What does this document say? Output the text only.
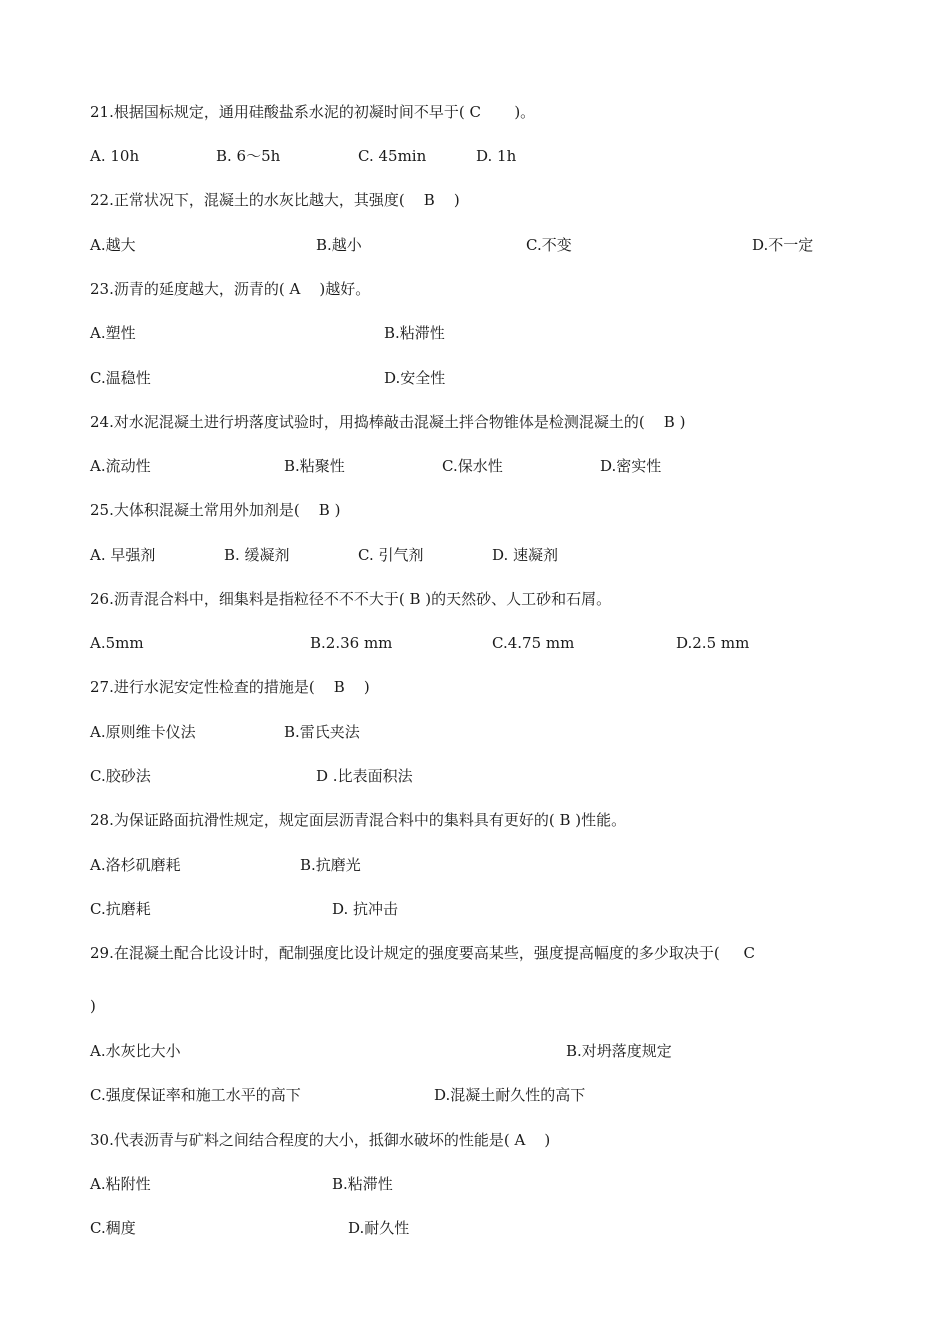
21.根据国标规定，通用硅酸盐系水泥的初凝时间不早于( C       )。

A. 10h

	B. 6～5h

	C. 45min

	D. 1h

22.正常状况下，混凝土的水灰比越大，其强度(    B    )

A.越大

	B.越小

	C.不变

	D.不一定

23.沥青的延度越大，沥青的( A    )越好。

A.塑性

	B.粘滞性

C.温稳性

	D.安全性

24.对水泥混凝土进行坍落度试验时，用捣棒敲击混凝土拌合物锥体是检测混凝土的(    B )

A.流动性

	B.粘聚性

	C.保水性

	D.密实性

25.大体积混凝土常用外加剂是(    B )

A. 早强剂

	B. 缓凝剂

	C. 引气剂

	D. 速凝剂

26.沥青混合料中，细集料是指粒径不不不大于( B )的天然砂、人工砂和石屑。

A.5mm

	B.2.36 mm

	C.4.75 mm

	D.2.5 mm

27.进行水泥安定性检查的措施是(    B    )

A.原则维卡仪法

	B.雷氏夹法

C.胶砂法

	D .比表面积法

28.为保证路面抗滑性规定，规定面层沥青混合料中的集料具有更好的( B )性能。

A.洛杉矶磨耗

	B.抗磨光

C.抗磨耗

	D. 抗冲击

29.在混凝土配合比设计时，配制强度比设计规定的强度要高某些，强度提高幅度的多少取决于(     C

)

A.水灰比大小

	B.对坍落度规定

C.强度保证率和施工水平的高下

	D.混凝土耐久性的高下

30.代表沥青与矿料之间结合程度的大小，抵御水破坏的性能是( A    )

A.粘附性

	B.粘滞性

C.稠度

	D.耐久性
